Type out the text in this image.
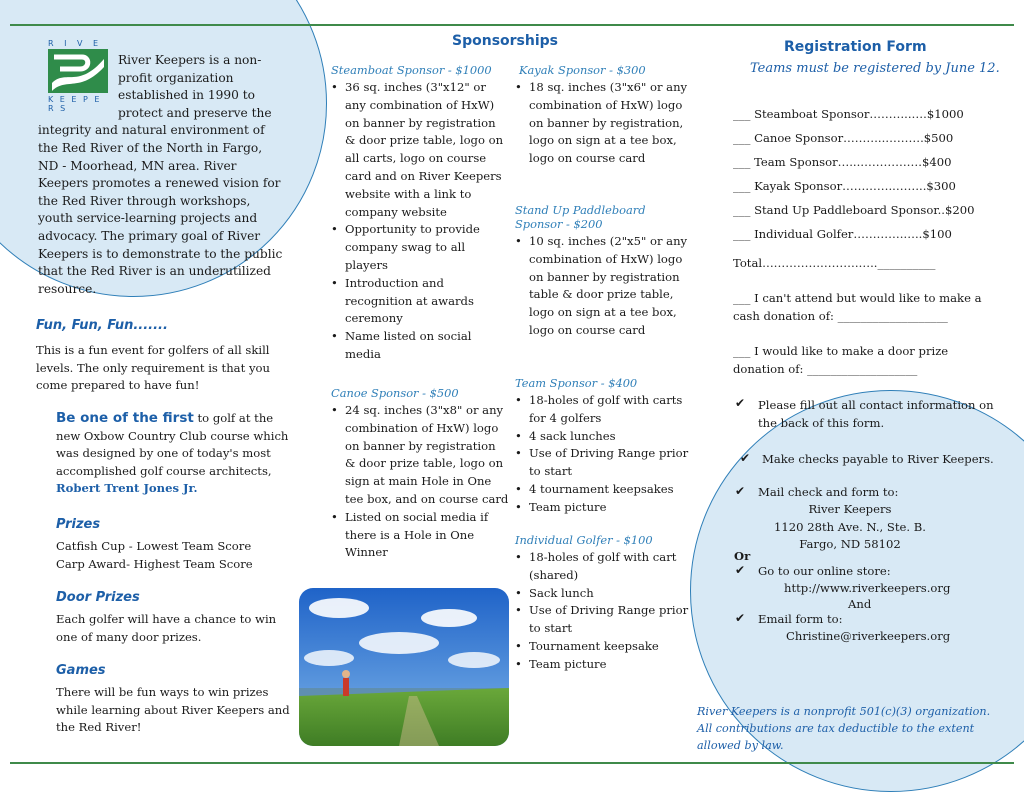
R I V E
K E E P E R S
River Keepers is a non-
profit organization
established in 1990 to
protect and preserve the
integrity and natural environment of the Red River of the North in Fargo, ND - Moorhead, MN area. River Keepers promotes a renewed vision for the Red River through workshops, youth service-learning projects and advocacy. The primary goal of River Keepers is to demonstrate to the public that the Red River is an underutilized resource.
Fun, Fun, Fun.......
This is a fun event for golfers of all skill levels. The only requirement is that you come prepared to have fun!
Be one of the first to golf at the new Oxbow Country Club course which was designed by one of today's most accomplished golf course architects, Robert Trent Jones Jr.
Prizes
Catfish Cup - Lowest Team Score
Carp Award- Highest Team Score
Door Prizes
Each golfer will have a chance to win one of many door prizes.
Games
There will be fun ways to win prizes while learning about River Keepers and the Red River!
Sponsorships
Steamboat Sponsor - $1000
• 36 sq. inches (3"x12" or any combination of HxW) on banner by registration & door prize table, logo on all carts, logo on course card and on River Keepers website with a link to company website
• Opportunity to provide company swag to all players
• Introduction and recognition at awards ceremony
• Name listed on social media
Canoe Sponsor - $500
• 24 sq. inches (3"x8" or any combination of HxW) logo on banner by registration & door prize table, logo on sign at main Hole in One tee box, and on course card
• Listed on social media if there is a Hole in One Winner
Kayak Sponsor - $300
• 18 sq. inches (3"x6" or any combination of HxW) logo on banner by registration, logo on sign at a tee box, logo on course card
Stand Up Paddleboard Sponsor - $200
• 10 sq. inches (2"x5" or any combination of HxW) logo on banner by registration table & door prize table, logo on sign at a tee box, logo on course card
Team Sponsor - $400
• 18-holes of golf with carts for 4 golfers
• 4 sack lunches
• Use of Driving Range prior to start
• 4 tournament keepsakes
• Team picture
Individual Golfer - $100
• 18-holes of golf with cart (shared)
• Sack lunch
• Use of Driving Range prior to start
• Tournament keepsake
• Team picture
Registration Form
Teams must be registered by June 12.
___ Steamboat Sponsor………..….$1000
___ Canoe Sponsor………..……….$500
___ Team Sponsor…...…………….$400
___ Kayak Sponsor…………..……..$300
___ Stand Up Paddleboard Sponsor..$200
___ Individual Golfer………….…..$100
Total…………………….…..__________
___ I can't attend but would like to make a cash donation of: ___________________
___ I would like to make a door prize donation of: ___________________
✔ Please fill out all contact information on the back of this form.
✔ Make checks payable to River Keepers.
✔ Mail check and form to:
River Keepers
1120 28th Ave. N., Ste. B.
Fargo, ND 58102
Or
✔ Go to our online store:
http://www.riverkeepers.org
And
✔ Email form to:
Christine@riverkeepers.org
River Keepers is a nonprofit 501(c)(3) organization. All contributions are tax deductible to the extent allowed by law.
